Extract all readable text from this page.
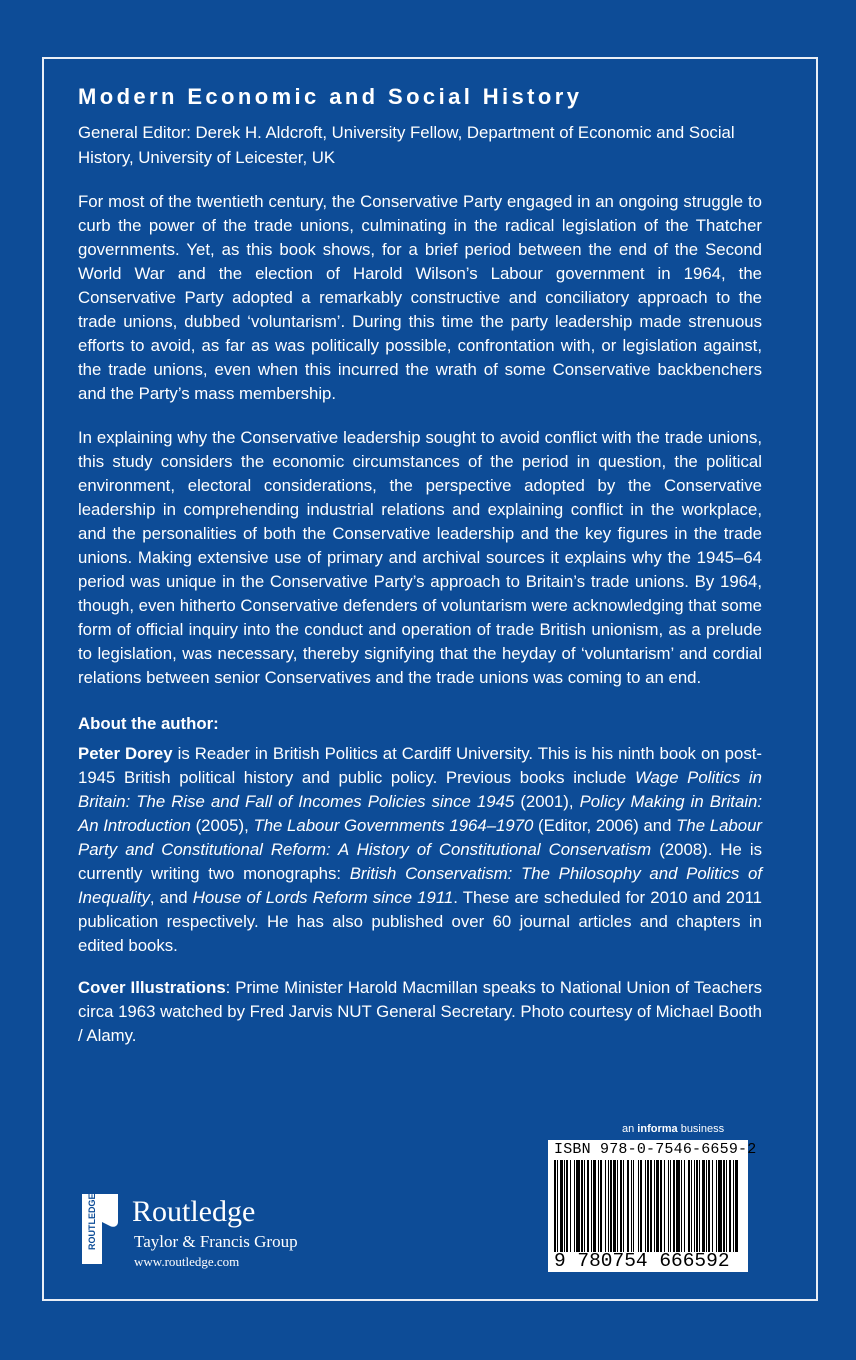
Modern Economic and Social History
General Editor: Derek H. Aldcroft, University Fellow, Department of Economic and Social History, University of Leicester, UK

For most of the twentieth century, the Conservative Party engaged in an ongoing struggle to curb the power of the trade unions, culminating in the radical legislation of the Thatcher governments. Yet, as this book shows, for a brief period between the end of the Second World War and the election of Harold Wilson’s Labour government in 1964, the Conservative Party adopted a remarkably constructive and conciliatory approach to the trade unions, dubbed ‘voluntarism’. During this time the party leadership made strenuous efforts to avoid, as far as was politically possible, confrontation with, or legislation against, the trade unions, even when this incurred the wrath of some Conservative backbenchers and the Party’s mass membership.

In explaining why the Conservative leadership sought to avoid conflict with the trade unions, this study considers the economic circumstances of the period in question, the political environment, electoral considerations, the perspective adopted by the Conservative leadership in comprehending industrial relations and explaining conflict in the workplace, and the personalities of both the Conservative leadership and the key figures in the trade unions. Making extensive use of primary and archival sources it explains why the 1945–64 period was unique in the Conservative Party’s approach to Britain’s trade unions. By 1964, though, even hitherto Conservative defenders of voluntarism were acknowledging that some form of official inquiry into the conduct and operation of trade British unionism, as a prelude to legislation, was necessary, thereby signifying that the heyday of ‘voluntarism’ and cordial relations between senior Conservatives and the trade unions was coming to an end.

About the author:

Peter Dorey is Reader in British Politics at Cardiff University. This is his ninth book on post-1945 British political history and public policy. Previous books include Wage Politics in Britain: The Rise and Fall of Incomes Policies since 1945 (2001), Policy Making in Britain: An Introduction (2005), The Labour Governments 1964–1970 (Editor, 2006) and The Labour Party and Constitutional Reform: A History of Constitutional Conservatism (2008). He is currently writing two monographs: British Conservatism: The Philosophy and Politics of Inequality, and House of Lords Reform since 1911. These are scheduled for 2010 and 2011 publication respectively. He has also published over 60 journal articles and chapters in edited books.

Cover Illustrations: Prime Minister Harold Macmillan speaks to National Union of Teachers circa 1963 watched by Fred Jarvis NUT General Secretary. Photo courtesy of Michael Booth / Alamy.

an informa business
ISBN 978-0-7546-6659-2
9 780754 666592
ROUTLEDGE Routledge
Taylor & Francis Group
www.routledge.com
